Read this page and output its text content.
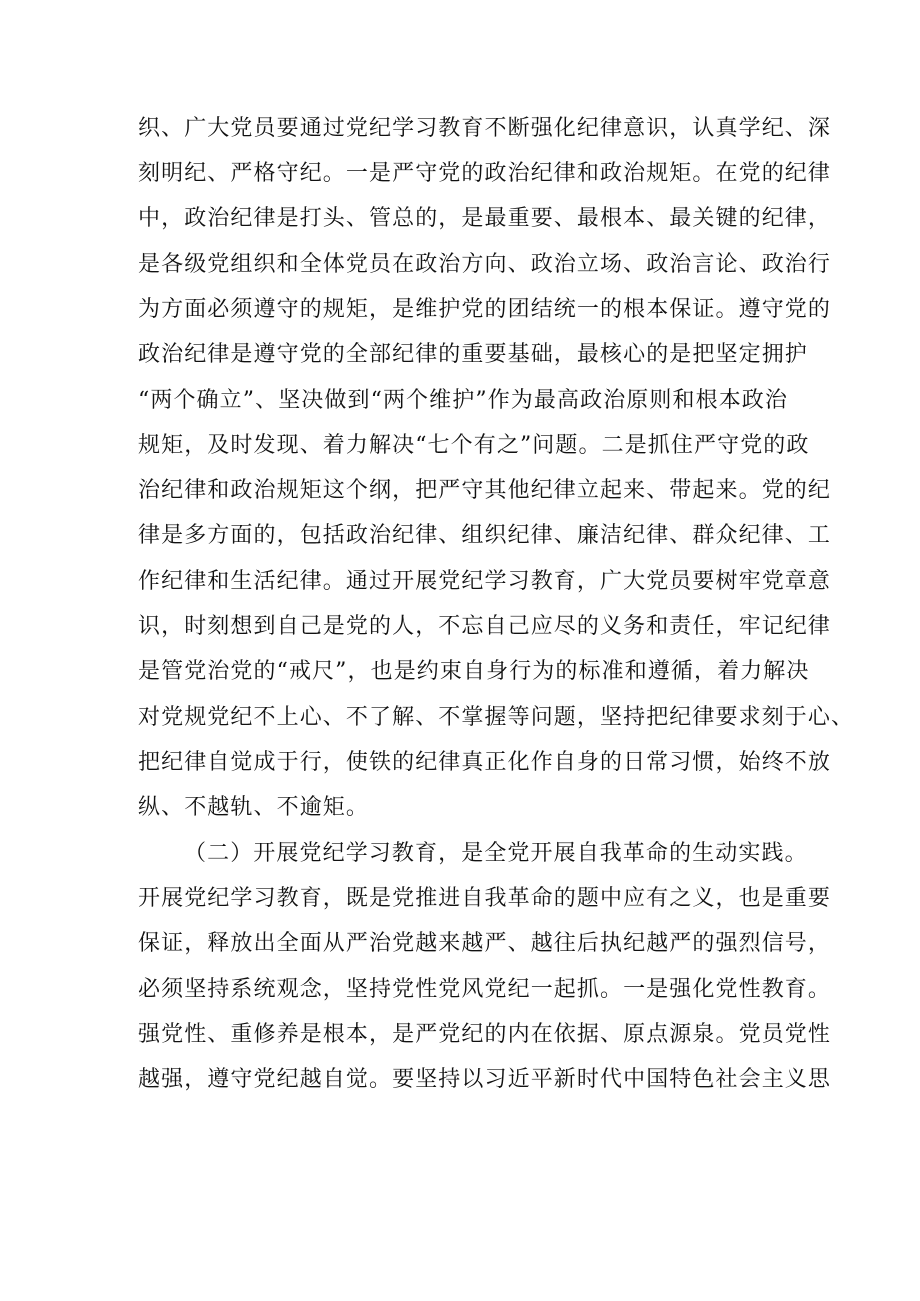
织、广大党员要通过党纪学习教育不断强化纪律意识，认真学纪、深
刻明纪、严格守纪。一是严守党的政治纪律和政治规矩。在党的纪律
中，政治纪律是打头、管总的，是最重要、最根本、最关键的纪律，
是各级党组织和全体党员在政治方向、政治立场、政治言论、政治行
为方面必须遵守的规矩，是维护党的团结统一的根本保证。遵守党的
政治纪律是遵守党的全部纪律的重要基础，最核心的是把坚定拥护
“两个确立”、坚决做到“两个维护”作为最高政治原则和根本政治
规矩，及时发现、着力解决“七个有之”问题。二是抓住严守党的政
治纪律和政治规矩这个纲，把严守其他纪律立起来、带起来。党的纪
律是多方面的，包括政治纪律、组织纪律、廉洁纪律、群众纪律、工
作纪律和生活纪律。通过开展党纪学习教育，广大党员要树牢党章意
识，时刻想到自己是党的人，不忘自己应尽的义务和责任，牢记纪律
是管党治党的“戒尺”，也是约束自身行为的标准和遵循，着力解决
对党规党纪不上心、不了解、不掌握等问题，坚持把纪律要求刻于心、
把纪律自觉成于行，使铁的纪律真正化作自身的日常习惯，始终不放
纵、不越轨、不逾矩。
（二）开展党纪学习教育，是全党开展自我革命的生动实践。
开展党纪学习教育，既是党推进自我革命的题中应有之义，也是重要
保证，释放出全面从严治党越来越严、越往后执纪越严的强烈信号，
必须坚持系统观念，坚持党性党风党纪一起抓。一是强化党性教育。
强党性、重修养是根本，是严党纪的内在依据、原点源泉。党员党性
越强，遵守党纪越自觉。要坚持以习近平新时代中国特色社会主义思
